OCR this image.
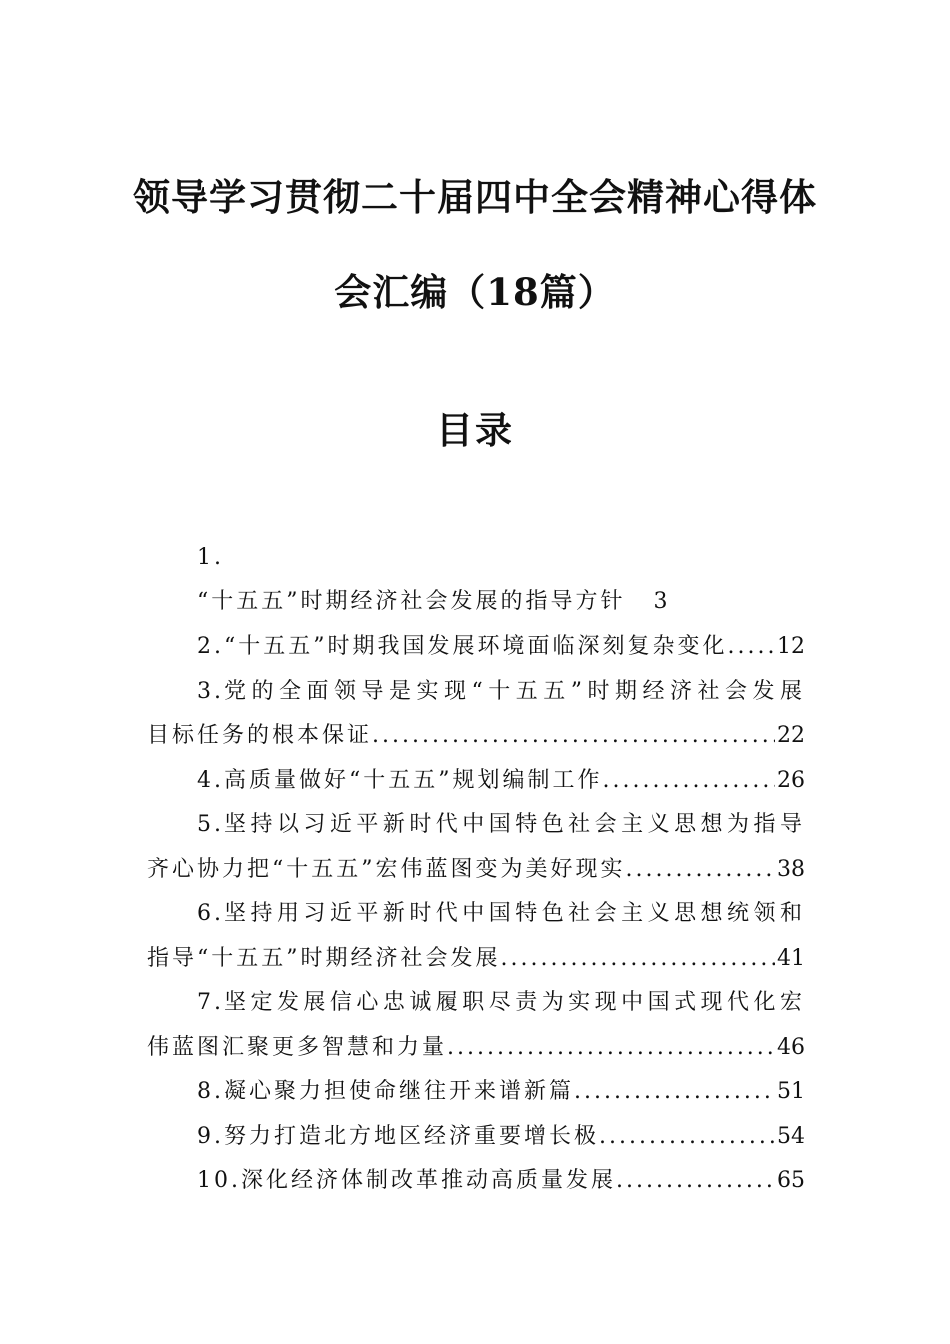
领导学习贯彻二十届四中全会精神心得体
会汇编（18篇）
目录
1.
“十五五”时期经济社会发展的指导方针 3
2. “十五五”时期我国发展环境面临深刻复杂变化 ..... 12
3. 党的全面领导是实现“十五五”时期经济社会发展
目标任务的根本保证 .....	22
4. 高质量做好“十五五”规划编制工作 .....	26
5. 坚持以习近平新时代中国特色社会主义思想为指导
齐心协力把“十五五”宏伟蓝图变为美好现实 .....	38
6. 坚持用习近平新时代中国特色社会主义思想统领和
指导“十五五”时期经济社会发展 .....	41
7. 坚定发展信心忠诚履职尽责为实现中国式现代化宏
伟蓝图汇聚更多智慧和力量 .....	46
8. 凝心聚力担使命继往开来谱新篇 .....	51
9. 努力打造北方地区经济重要增长极 .....	54
10. 深化经济体制改革推动高质量发展 .....	65
